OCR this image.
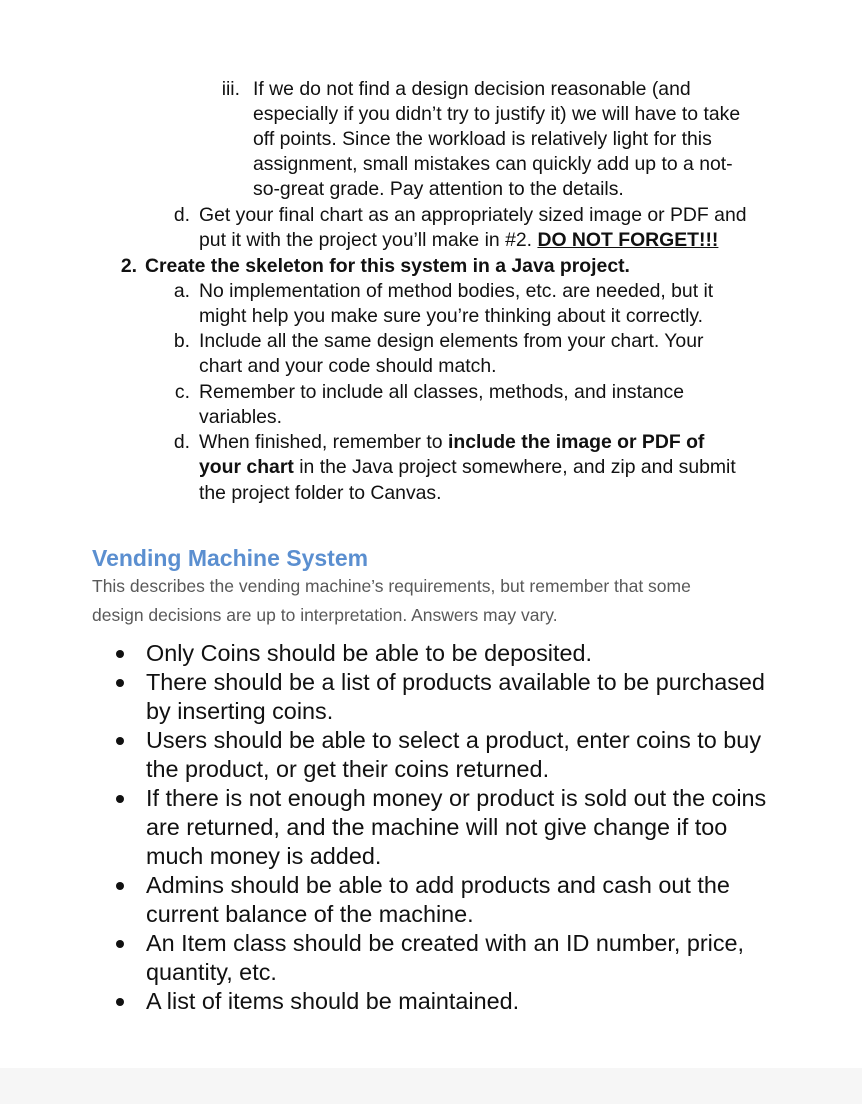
iii. If we do not find a design decision reasonable (and
especially if you didn’t try to justify it) we will have to take
off points. Since the workload is relatively light for this
assignment, small mistakes can quickly add up to a not-
so-great grade. Pay attention to the details.
d. Get your final chart as an appropriately sized image or PDF and
put it with the project you’ll make in #2. DO NOT FORGET!!!
2. Create the skeleton for this system in a Java project.
a. No implementation of method bodies, etc. are needed, but it
might help you make sure you’re thinking about it correctly.
b. Include all the same design elements from your chart. Your
chart and your code should match.
c. Remember to include all classes, methods, and instance
variables.
d. When finished, remember to include the image or PDF of
your chart in the Java project somewhere, and zip and submit
the project folder to Canvas.
Vending Machine System
This describes the vending machine’s requirements, but remember that some
design decisions are up to interpretation. Answers may vary.
Only Coins should be able to be deposited.
There should be a list of products available to be purchased
by inserting coins.
Users should be able to select a product, enter coins to buy
the product, or get their coins returned.
If there is not enough money or product is sold out the coins
are returned, and the machine will not give change if too
much money is added.
Admins should be able to add products and cash out the
current balance of the machine.
An Item class should be created with an ID number, price,
quantity, etc.
A list of items should be maintained.
